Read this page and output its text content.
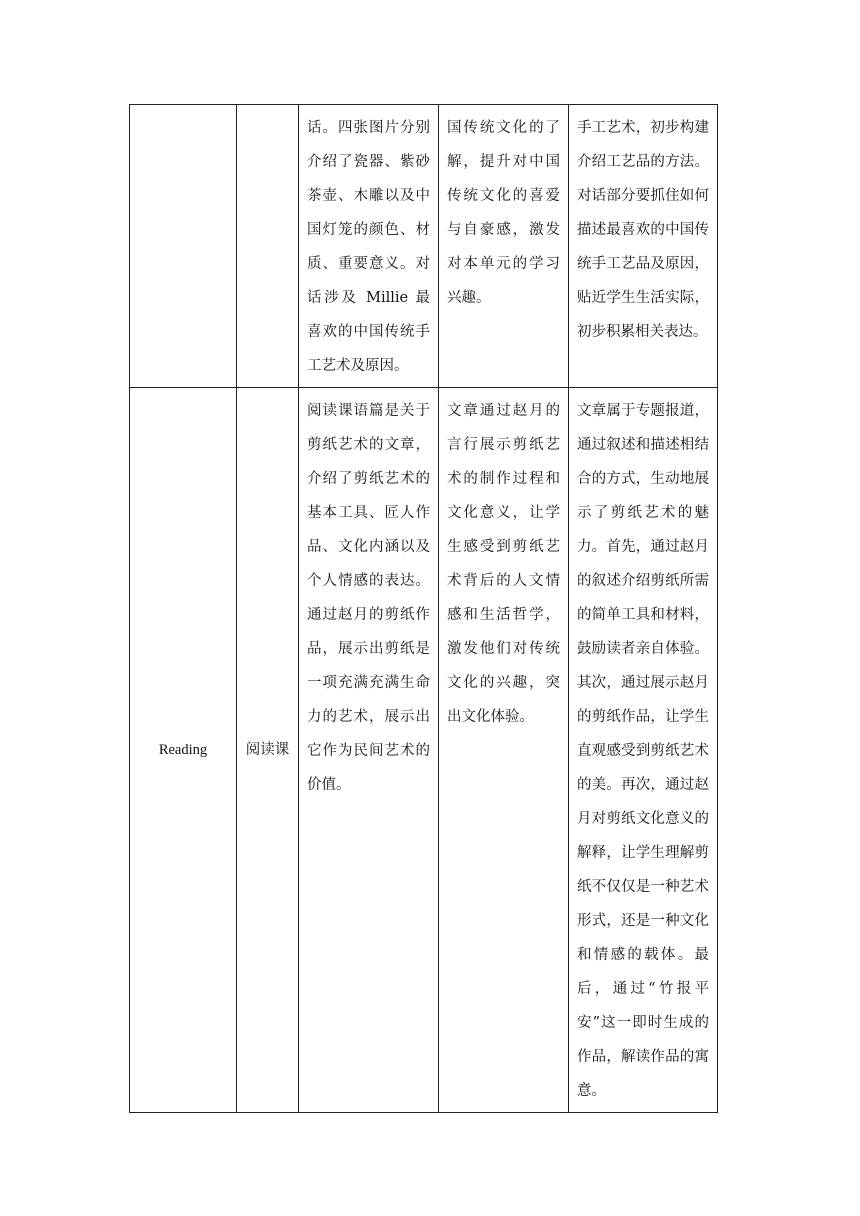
		话。四张图片分别介绍了瓷器、紫砂茶壶、木雕以及中国灯笼的颜色、材质、重要意义。对话涉及 Millie 最喜欢的中国传统手工艺术及原因。	国传统文化的了解，提升对中国传统文化的喜爱与自豪感，激发对本单元的学习兴趣。	手工艺术，初步构建介绍工艺品的方法。对话部分要抓住如何描述最喜欢的中国传统手工艺品及原因，贴近学生生活实际，初步积累相关表达。

Reading	阅读课	阅读课语篇是关于剪纸艺术的文章，介绍了剪纸艺术的基本工具、匠人作品、文化内涵以及个人情感的表达。通过赵月的剪纸作品，展示出剪纸是一项充满充满生命力的艺术，展示出它作为民间艺术的价值。	文章通过赵月的言行展示剪纸艺术的制作过程和文化意义，让学生感受到剪纸艺术背后的人文情感和生活哲学，激发他们对传统文化的兴趣，突出文化体验。	文章属于专题报道，通过叙述和描述相结合的方式，生动地展示了剪纸艺术的魅力。首先，通过赵月的叙述介绍剪纸所需的简单工具和材料，鼓励读者亲自体验。其次，通过展示赵月的剪纸作品，让学生直观感受到剪纸艺术的美。再次，通过赵月对剪纸文化意义的解释，让学生理解剪纸不仅仅是一种艺术形式，还是一种文化和情感的载体。最后，通过“竹报平安”这一即时生成的作品，解读作品的寓意。
